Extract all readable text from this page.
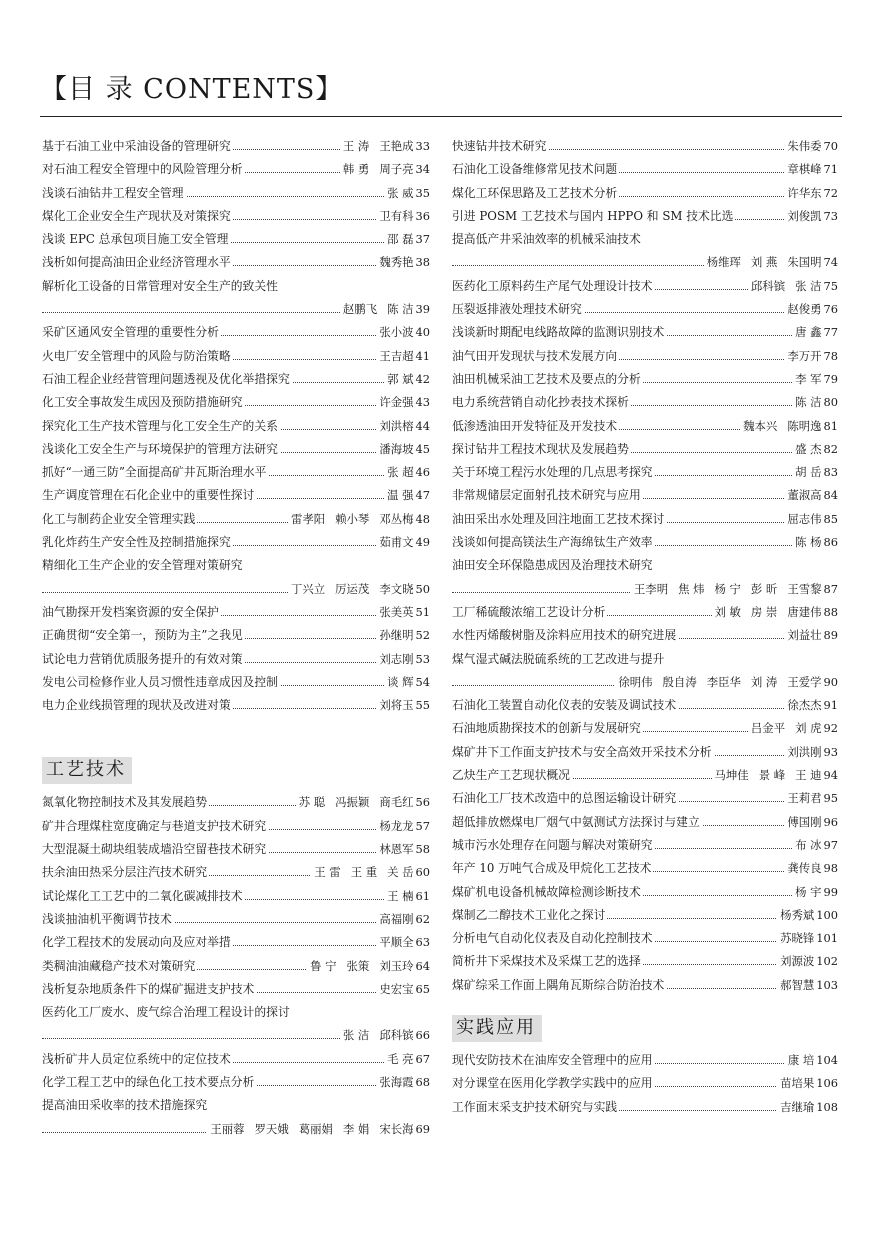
【目 录 CONTENTS】
基于石油工业中采油设备的管理研究	王 涛 王艳成 33
对石油工程安全管理中的风险管理分析	韩 勇 周子亮 34
浅谈石油钻井工程安全管理	张 威 35
煤化工企业安全生产现状及对策探究	卫有科 36
浅谈 EPC 总承包项目施工安全管理	邵 磊 37
浅析如何提高油田企业经济管理水平	魏秀艳 38
解析化工设备的日常管理对安全生产的致关性
赵鹏飞 陈 洁 39
采矿区通风安全管理的重要性分析	张小波 40
火电厂安全管理中的风险与防治策略	王吉超 41
石油工程企业经营管理问题透视及优化举措探究	郭 斌 42
化工安全事故发生成因及预防措施研究	许金强 43
探究化工生产技术管理与化工安全生产的关系	刘洪榕 44
浅谈化工安全生产与环境保护的管理方法研究	潘海坡 45
抓好“一通三防”全面提高矿井瓦斯治理水平	张 超 46
生产调度管理在石化企业中的重要性探讨	温 强 47
化工与制药企业安全管理实践	雷孝阳 赖小琴 邓丛梅 48
乳化炸药生产安全性及控制措施探究	茹甫文 49
精细化工生产企业的安全管理对策研究
丁兴立 厉运茂 李文晓 50
油气勘探开发档案资源的安全保护	张美英 51
正确贯彻“安全第一，预防为主”之我见	孙继明 52
试论电力营销优质服务提升的有效对策	刘志刚 53
发电公司检修作业人员习惯性违章成因及控制	谈 辉 54
电力企业线损管理的现状及改进对策	刘将玉 55
工艺技术
氮氧化物控制技术及其发展趋势	苏 聪 冯振颖 商毛红 56
矿井合理煤柱宽度确定与巷道支护技术研究	杨龙龙 57
大型混凝土砌块组装成墙沿空留巷技术研究	林恩军 58
扶余油田热采分层注汽技术研究	王 雷 王 重 关 岳 60
试论煤化工工艺中的二氧化碳减排技术	王 楠 61
浅谈抽油机平衡调节技术	高福刚 62
化学工程技术的发展动向及应对举措	平顺全 63
类稠油油藏稳产技术对策研究	鲁 宁 张策 刘玉玲 64
浅析复杂地质条件下的煤矿掘进支护技术	史宏宝 65
医药化工厂废水、废气综合治理工程设计的探讨
张 洁 邱科镔 66
浅析矿井人员定位系统中的定位技术	毛 亮 67
化学工程工艺中的绿色化工技术要点分析	张海霞 68
提高油田采收率的技术措施探究
王丽蓉 罗天娥 葛丽娟 李 娟 宋长海 69
快速钻井技术研究	朱伟委 70
石油化工设备维修常见技术问题	章棋峰 71
煤化工环保思路及工艺技术分析	许华东 72
引进 POSM 工艺技术与国内 HPPO 和 SM 技术比选	刘俊凯 73
提高低产井采油效率的机械采油技术
杨维珲 刘 燕 朱国明 74
医药化工原料药生产尾气处理设计技术	邱科镔 张 洁 75
压裂返排液处理技术研究	赵俊勇 76
浅谈新时期配电线路故障的监测识别技术	唐 鑫 77
油气田开发现状与技术发展方向	李万开 78
油田机械采油工艺技术及要点的分析	李 军 79
电力系统营销自动化抄表技术探析	陈 洁 80
低渗透油田开发特征及开发技术	魏本兴 陈明逸 81
探讨钻井工程技术现状及发展趋势	盛 杰 82
关于环境工程污水处理的几点思考探究	胡 岳 83
非常规储层定面射孔技术研究与应用	董淑高 84
油田采出水处理及回注地面工艺技术探讨	屈志伟 85
浅谈如何提高镁法生产海绵钛生产效率	陈 杨 86
油田安全环保隐患成因及治理技术研究
王李明 焦 炜 杨 宁 彭 昕 王雪黎 87
工厂稀硫酸浓缩工艺设计分析	刘 敏 房 崇 唐建伟 88
水性丙烯酸树脂及涂料应用技术的研究进展	刘益壮 89
煤气湿式碱法脱硫系统的工艺改进与提升
徐明伟 殷自涛 李臣华 刘 涛 王爱学 90
石油化工装置自动化仪表的安装及调试技术	徐杰杰 91
石油地质勘探技术的创新与发展研究	吕金平 刘 虎 92
煤矿井下工作面支护技术与安全高效开采技术分析	刘洪刚 93
乙炔生产工艺现状概况	马坤佳 景 峰 王 迪 94
石油化工厂技术改造中的总图运输设计研究	王莉君 95
超低排放燃煤电厂烟气中氨测试方法探讨与建立	傅国刚 96
城市污水处理存在问题与解决对策研究	布 冰 97
年产 10 万吨气合成及甲烷化工艺技术	龚传良 98
煤矿机电设备机械故障检测诊断技术	杨 宇 99
煤制乙二醇技术工业化之探讨	杨秀斌 100
分析电气自动化仪表及自动化控制技术	苏晓锋 101
简析井下采煤技术及采煤工艺的选择	刘源波 102
煤矿综采工作面上隅角瓦斯综合防治技术	郝智慧 103
实践应用
现代安防技术在油库安全管理中的应用	康 培 104
对分课堂在医用化学教学实践中的应用	苗培果 106
工作面末采支护技术研究与实践	吉继瑜 108
